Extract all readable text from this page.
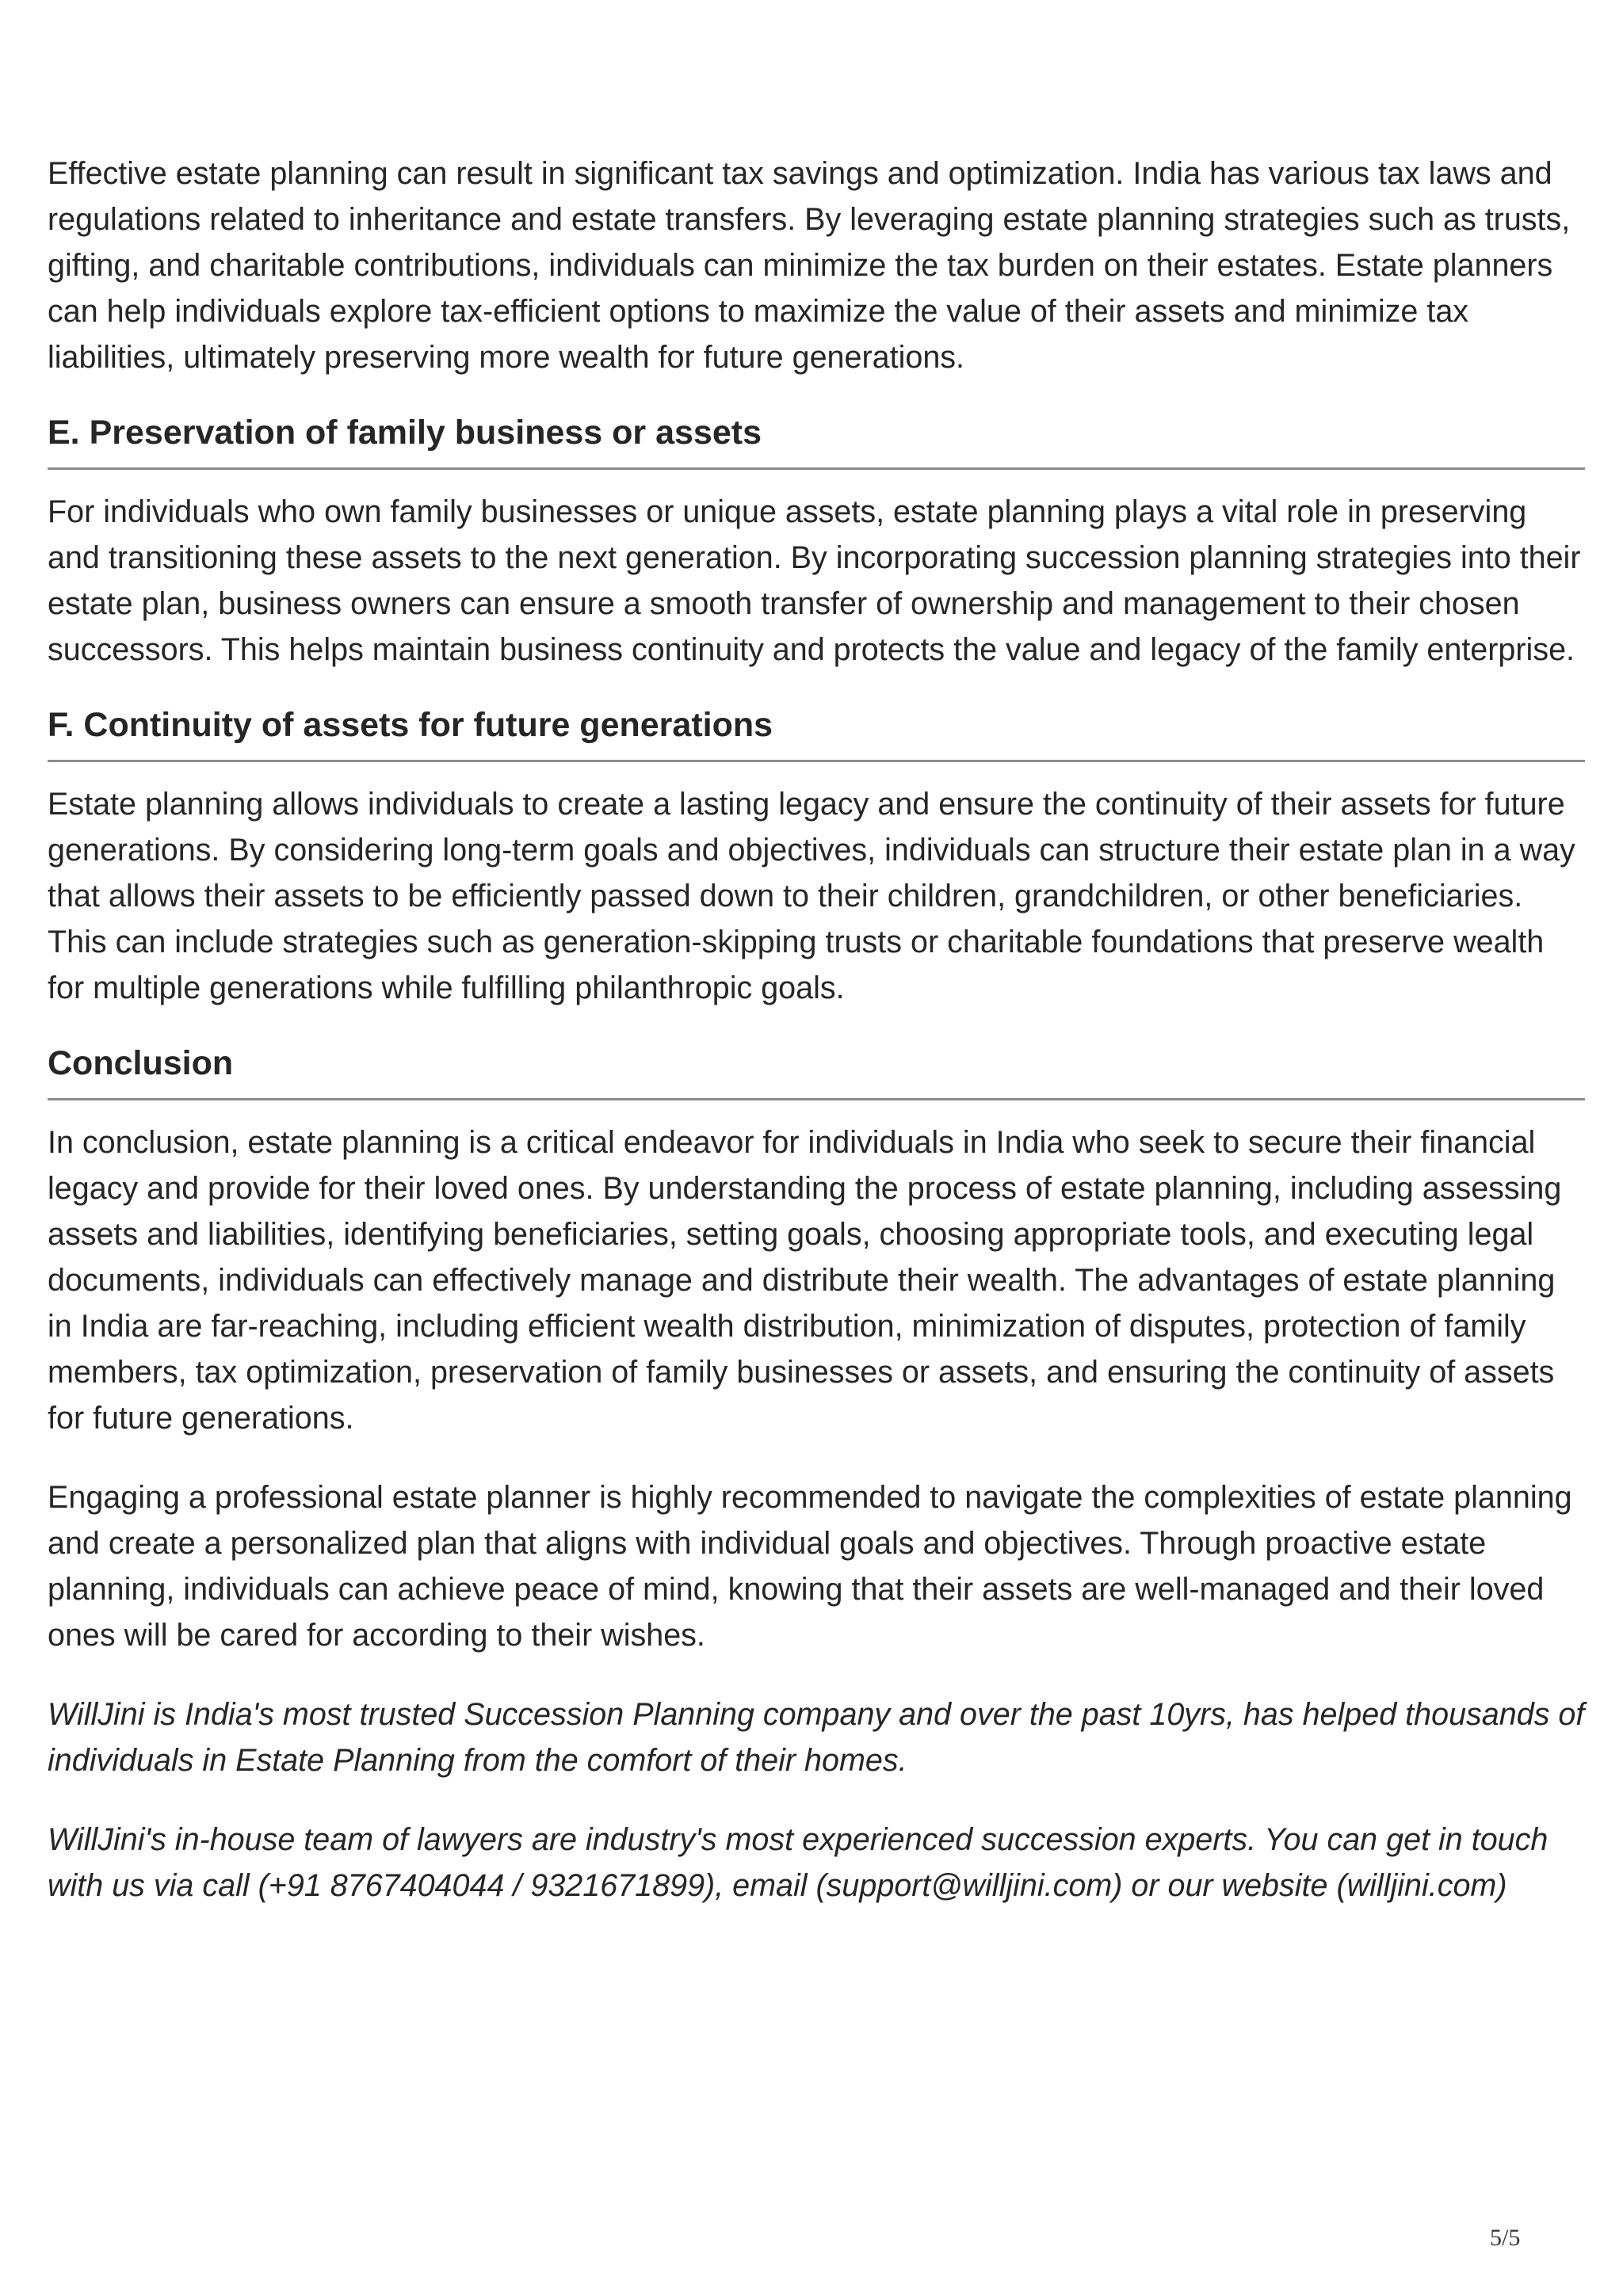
Effective estate planning can result in significant tax savings and optimization. India has various tax laws and regulations related to inheritance and estate transfers. By leveraging estate planning strategies such as trusts, gifting, and charitable contributions, individuals can minimize the tax burden on their estates. Estate planners can help individuals explore tax-efficient options to maximize the value of their assets and minimize tax liabilities, ultimately preserving more wealth for future generations.

E. Preservation of family business or assets

For individuals who own family businesses or unique assets, estate planning plays a vital role in preserving and transitioning these assets to the next generation. By incorporating succession planning strategies into their estate plan, business owners can ensure a smooth transfer of ownership and management to their chosen successors. This helps maintain business continuity and protects the value and legacy of the family enterprise.

F. Continuity of assets for future generations

Estate planning allows individuals to create a lasting legacy and ensure the continuity of their assets for future generations. By considering long-term goals and objectives, individuals can structure their estate plan in a way that allows their assets to be efficiently passed down to their children, grandchildren, or other beneficiaries. This can include strategies such as generation-skipping trusts or charitable foundations that preserve wealth for multiple generations while fulfilling philanthropic goals.

Conclusion

In conclusion, estate planning is a critical endeavor for individuals in India who seek to secure their financial legacy and provide for their loved ones. By understanding the process of estate planning, including assessing assets and liabilities, identifying beneficiaries, setting goals, choosing appropriate tools, and executing legal documents, individuals can effectively manage and distribute their wealth. The advantages of estate planning in India are far-reaching, including efficient wealth distribution, minimization of disputes, protection of family members, tax optimization, preservation of family businesses or assets, and ensuring the continuity of assets for future generations.

Engaging a professional estate planner is highly recommended to navigate the complexities of estate planning and create a personalized plan that aligns with individual goals and objectives. Through proactive estate planning, individuals can achieve peace of mind, knowing that their assets are well-managed and their loved ones will be cared for according to their wishes.

WillJini is India's most trusted Succession Planning company and over the past 10yrs, has helped thousands of individuals in Estate Planning from the comfort of their homes.

WillJini's in-house team of lawyers are industry's most experienced succession experts. You can get in touch with us via call (+91 8767404044 / 9321671899), email (support@willjini.com) or our website (willjini.com)

5/5
